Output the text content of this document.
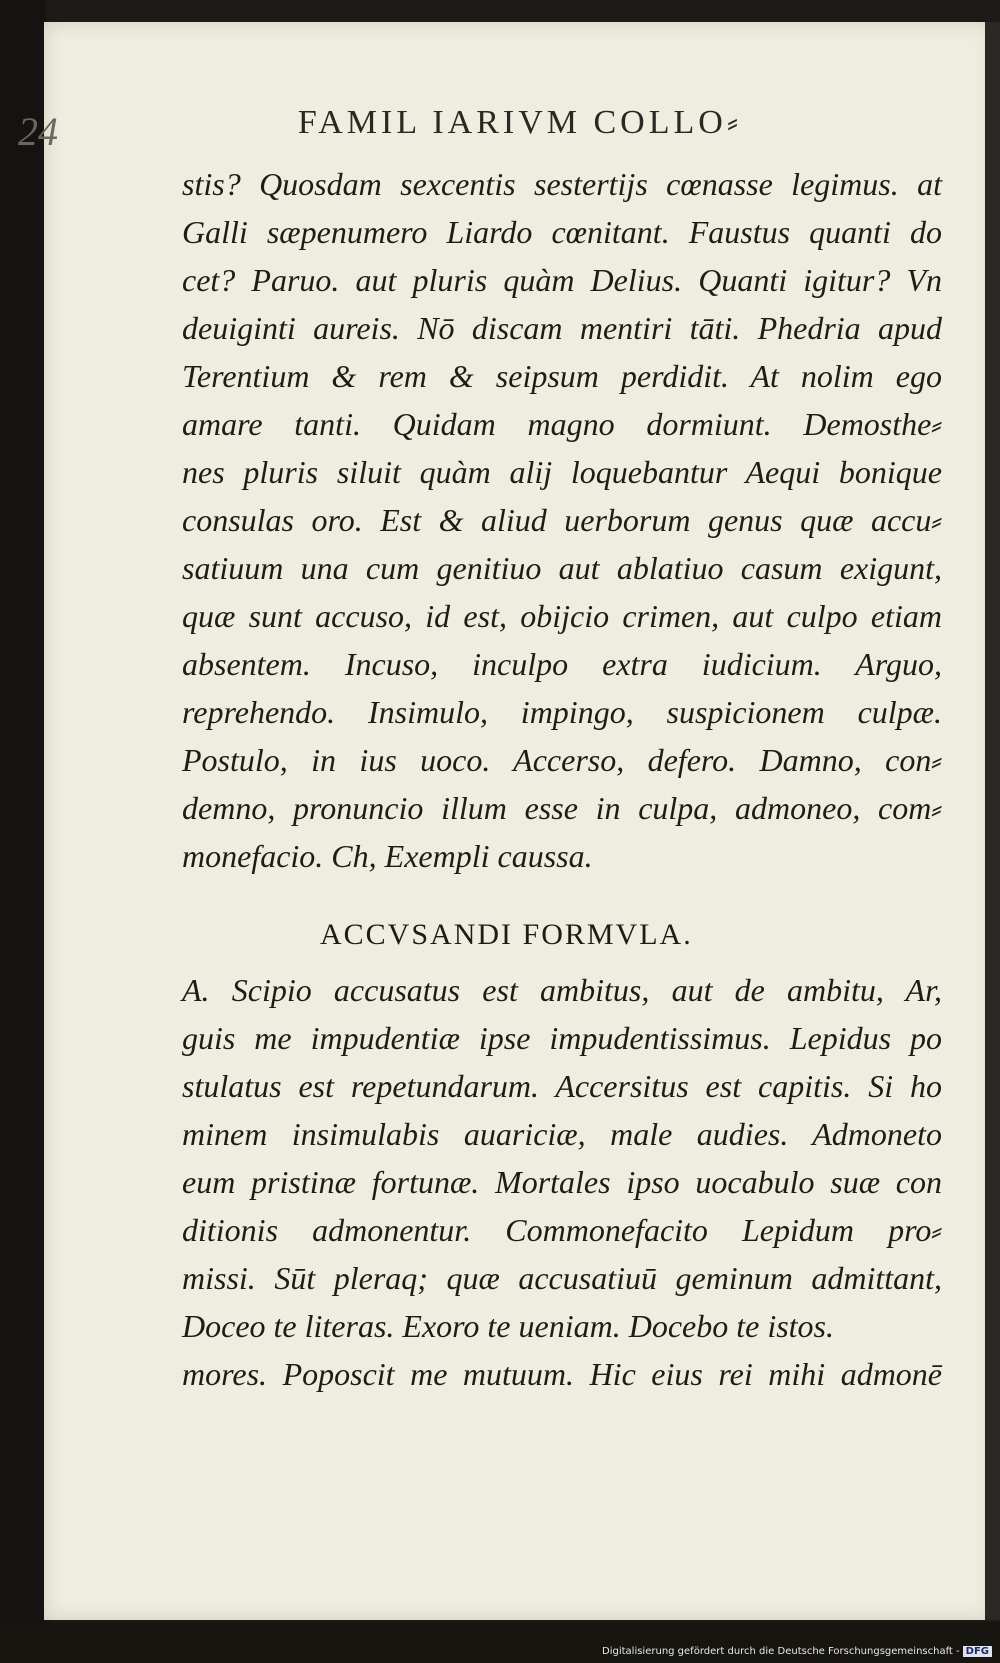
24	FAMIL IARIVM COLLO⸗
stis? Quosdam sexcentis sestertijs cœnasse legimus. at
Galli sæpenumero Liardo cœnitant. Faustus quanti do
cet? Paruo. aut pluris quàm Delius. Quanti igitur? Vn
deuiginti aureis. Nō discam mentiri tāti. Phedria apud
Terentium & rem & seipsum perdidit. At nolim ego
amare tanti. Quidam magno dormiunt. Demosthe⸗
nes pluris siluit quàm alij loquebantur Aequi bonique
consulas oro. Est & aliud uerborum genus quæ accu⸗
satiuum una cum genitiuo aut ablatiuo casum exigunt,
quæ sunt accuso, id est, obijcio crimen, aut culpo etiam
absentem. Incuso, inculpo extra iudicium. Arguo,
reprehendo. Insimulo, impingo, suspicionem culpæ.
Postulo, in ius uoco. Accerso, defero. Damno, con⸗
demno, pronuncio illum esse in culpa, admoneo, com⸗
monefacio. Ch, Exempli caussa.
ACCVSANDI FORMVLA.
A. Scipio accusatus est ambitus, aut de ambitu, Ar,
guis me impudentiæ ipse impudentissimus. Lepidus po
stulatus est repetundarum. Accersitus est capitis. Si ho
minem insimulabis auariciæ, male audies. Admoneto
eum pristinæ fortunæ. Mortales ipso uocabulo suæ con
ditionis admonentur. Commonefacito Lepidum pro⸗
missi. Sūt pleraq; quæ accusatiuū geminum admittant,
Doceo te literas. Exoro te ueniam. Docebo te istos.
mores. Poposcit me mutuum. Hic eius rei mihi admonē
Digitalisierung gefördert durch die Deutsche Forschungsgemeinschaft - DFG
